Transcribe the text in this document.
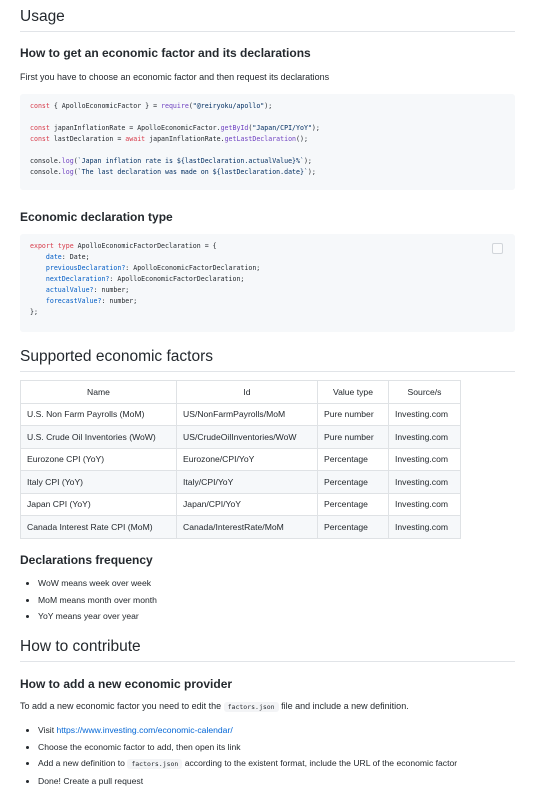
Usage
How to get an economic factor and its declarations
First you have to choose an economic factor and then request its declarations
const { ApolloEconomicFactor } = require("@reiryoku/apollo");

const japanInflationRate = ApolloEconomicFactor.getById("Japan/CPI/YoY");
const lastDeclaration = await japanInflationRate.getLastDeclaration();

console.log(`Japan inflation rate is ${lastDeclaration.actualValue}%`);
console.log(`The last declaration was made on ${lastDeclaration.date}`);
Economic declaration type
export type ApolloEconomicFactorDeclaration = {
date: Date;
previousDeclaration?: ApolloEconomicFactorDeclaration;
nextDeclaration?: ApolloEconomicFactorDeclaration;
actualValue?: number;
forecastValue?: number;
};
Supported economic factors
Name	Id	Value type	Source/s
U.S. Non Farm Payrolls (MoM)	US/NonFarmPayrolls/MoM	Pure number	Investing.com
U.S. Crude Oil Inventories (WoW)	US/CrudeOilInventories/WoW	Pure number	Investing.com
Eurozone CPI (YoY)	Eurozone/CPI/YoY	Percentage	Investing.com
Italy CPI (YoY)	Italy/CPI/YoY	Percentage	Investing.com
Japan CPI (YoY)	Japan/CPI/YoY	Percentage	Investing.com
Canada Interest Rate CPI (MoM)	Canada/InterestRate/MoM	Percentage	Investing.com
Declarations frequency
• WoW means week over week
• MoM means month over month
• YoY means year over year
How to contribute
How to add a new economic provider
To add a new economic factor you need to edit the factors.json file and include a new definition.
• Visit https://www.investing.com/economic-calendar/
• Choose the economic factor to add, then open its link
• Add a new definition to factors.json according to the existent format, include the URL of the economic factor
• Done! Create a pull request
